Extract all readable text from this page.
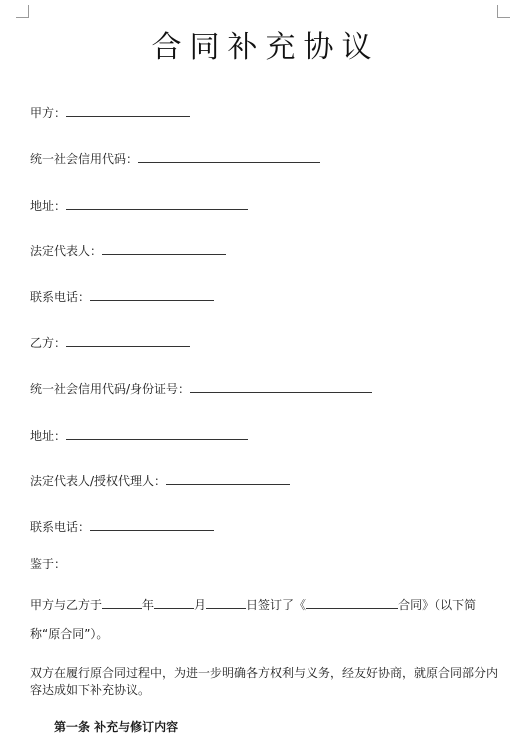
合同补充协议
甲方：
统一社会信用代码：
地址：
法定代表人：
联系电话：
乙方：
统一社会信用代码/身份证号：
地址：
法定代表人/授权代理人：
联系电话：
鉴于：
甲方与乙方于	年	月	日签订了《	合同》（以下简
称“原合同”）。
双方在履行原合同过程中，为进一步明确各方权利与义务，经友好协商，就原合同部分内容达成如下补充协议。
第一条 补充与修订内容
